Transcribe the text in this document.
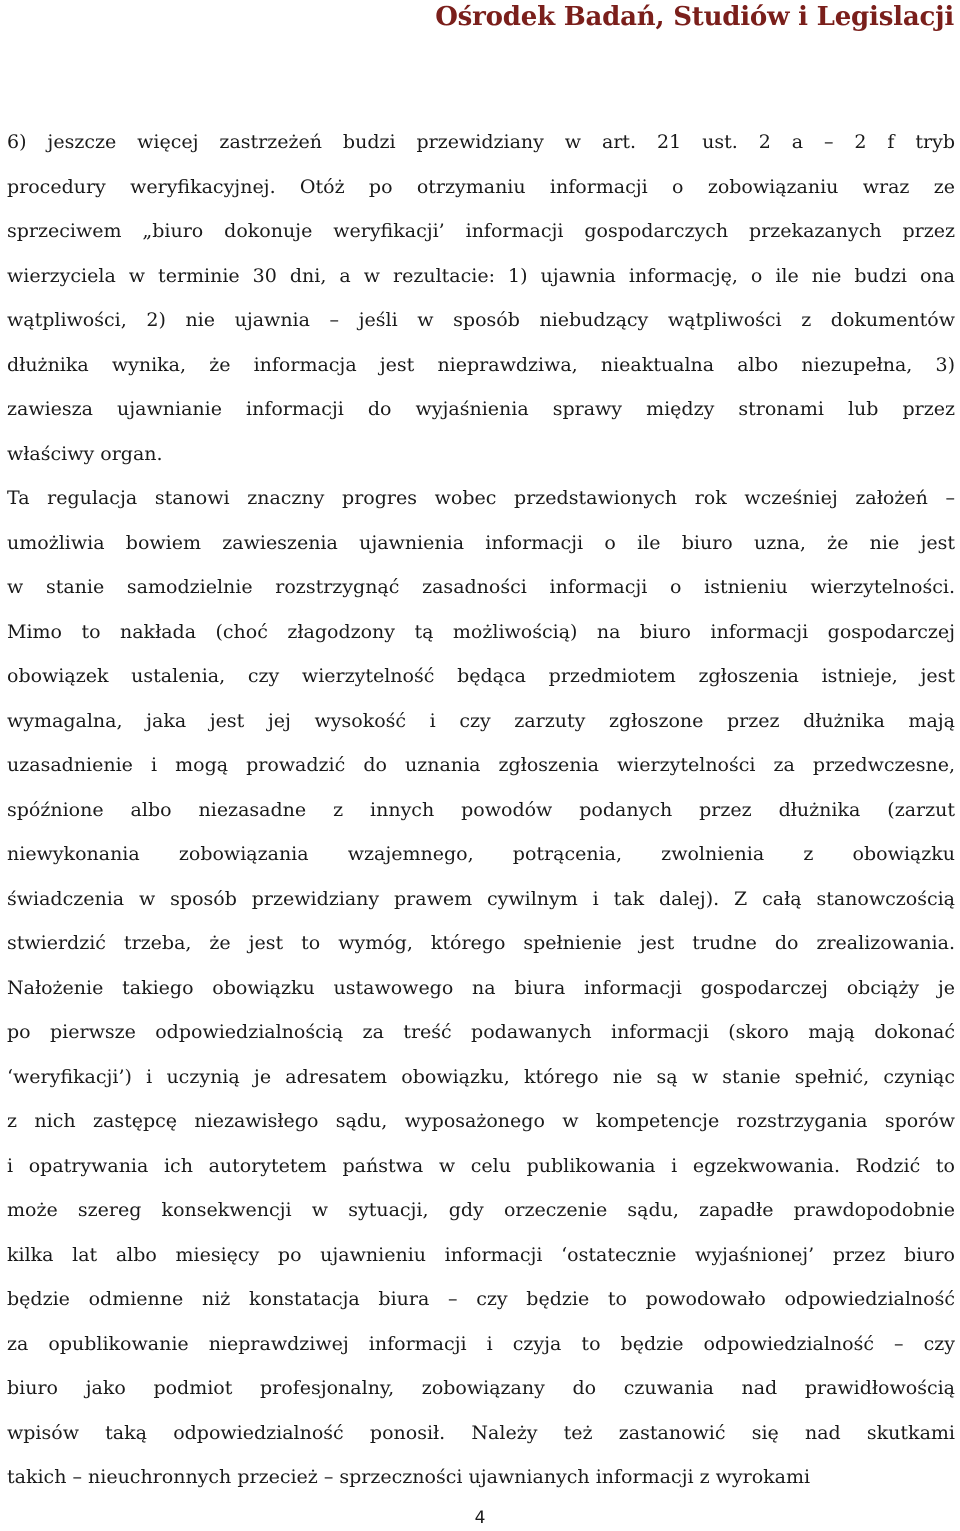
Ośrodek Badań, Studiów i Legislacji
6) jeszcze więcej zastrzeżeń budzi przewidziany w art. 21 ust. 2 a – 2 f tryb
procedury weryfikacyjnej. Otóż po otrzymaniu informacji o zobowiązaniu wraz ze
sprzeciwem „biuro dokonuje weryfikacji’ informacji gospodarczych przekazanych przez
wierzyciela w terminie 30 dni, a w rezultacie: 1) ujawnia informację, o ile nie budzi ona
wątpliwości, 2) nie ujawnia – jeśli w sposób niebudzący wątpliwości z dokumentów
dłużnika wynika, że informacja jest nieprawdziwa, nieaktualna albo niezupełna, 3)
zawiesza ujawnianie informacji do wyjaśnienia sprawy między stronami lub przez
właściwy organ.
Ta regulacja stanowi znaczny progres wobec przedstawionych rok wcześniej założeń –
umożliwia bowiem zawieszenia ujawnienia informacji o ile biuro uzna, że nie jest
w stanie samodzielnie rozstrzygnąć zasadności informacji o istnieniu wierzytelności.
Mimo to nakłada (choć złagodzony tą możliwością) na biuro informacji gospodarczej
obowiązek ustalenia, czy wierzytelność będąca przedmiotem zgłoszenia istnieje, jest
wymagalna, jaka jest jej wysokość i czy zarzuty zgłoszone przez dłużnika mają
uzasadnienie i mogą prowadzić do uznania zgłoszenia wierzytelności za przedwczesne,
spóźnione albo niezasadne z innych powodów podanych przez dłużnika (zarzut
niewykonania zobowiązania wzajemnego, potrącenia, zwolnienia z obowiązku
świadczenia w sposób przewidziany prawem cywilnym i tak dalej). Z całą stanowczością
stwierdzić trzeba, że jest to wymóg, którego spełnienie jest trudne do zrealizowania.
Nałożenie takiego obowiązku ustawowego na biura informacji gospodarczej obciąży je
po pierwsze odpowiedzialnością za treść podawanych informacji (skoro mają dokonać
‘weryfikacji’) i uczynią je adresatem obowiązku, którego nie są w stanie spełnić, czyniąc
z nich zastępcę niezawisłego sądu, wyposażonego w kompetencje rozstrzygania sporów
i opatrywania ich autorytetem państwa w celu publikowania i egzekwowania. Rodzić to
może szereg konsekwencji w sytuacji, gdy orzeczenie sądu, zapadłe prawdopodobnie
kilka lat albo miesięcy po ujawnieniu informacji ‘ostatecznie wyjaśnionej’ przez biuro
będzie odmienne niż konstatacja biura – czy będzie to powodowało odpowiedzialność
za opublikowanie nieprawdziwej informacji i czyja to będzie odpowiedzialność – czy
biuro jako podmiot profesjonalny, zobowiązany do czuwania nad prawidłowością
wpisów taką odpowiedzialność ponosił. Należy też zastanowić się nad skutkami
takich – nieuchronnych przecież – sprzeczności ujawnianych informacji z wyrokami
4
